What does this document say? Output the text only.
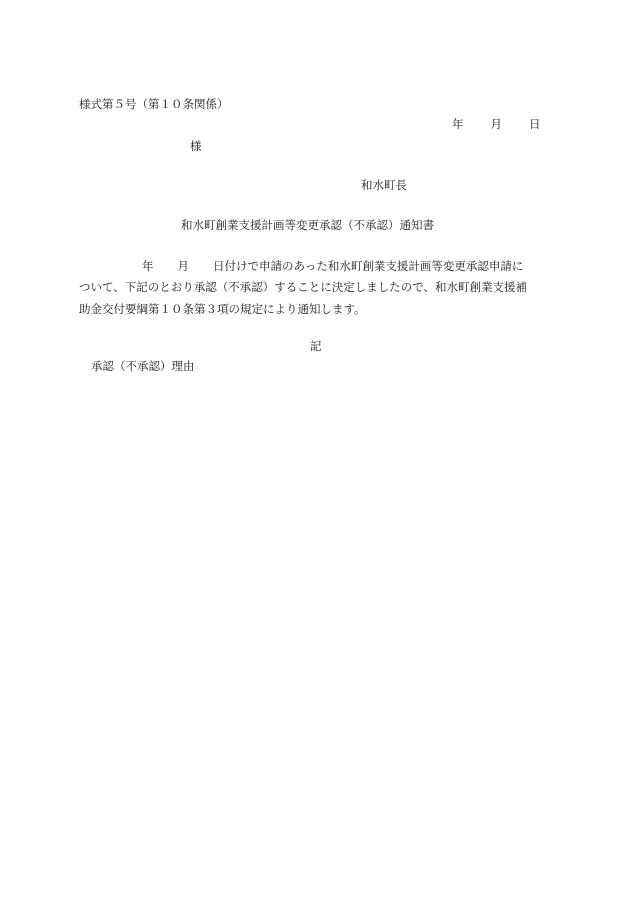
様式第５号（第１０条関係）
年 月 日
様
和水町長
和水町創業支援計画等変更承認（不承認）通知書
年 月 日付けで申請のあった和水町創業支援計画等変更承認申請に
ついて、下記のとおり承認（不承認）することに決定しましたので、和水町創業支援補
助金交付要綱第１０条第３項の規定により通知します。
記
承認（不承認）理由
